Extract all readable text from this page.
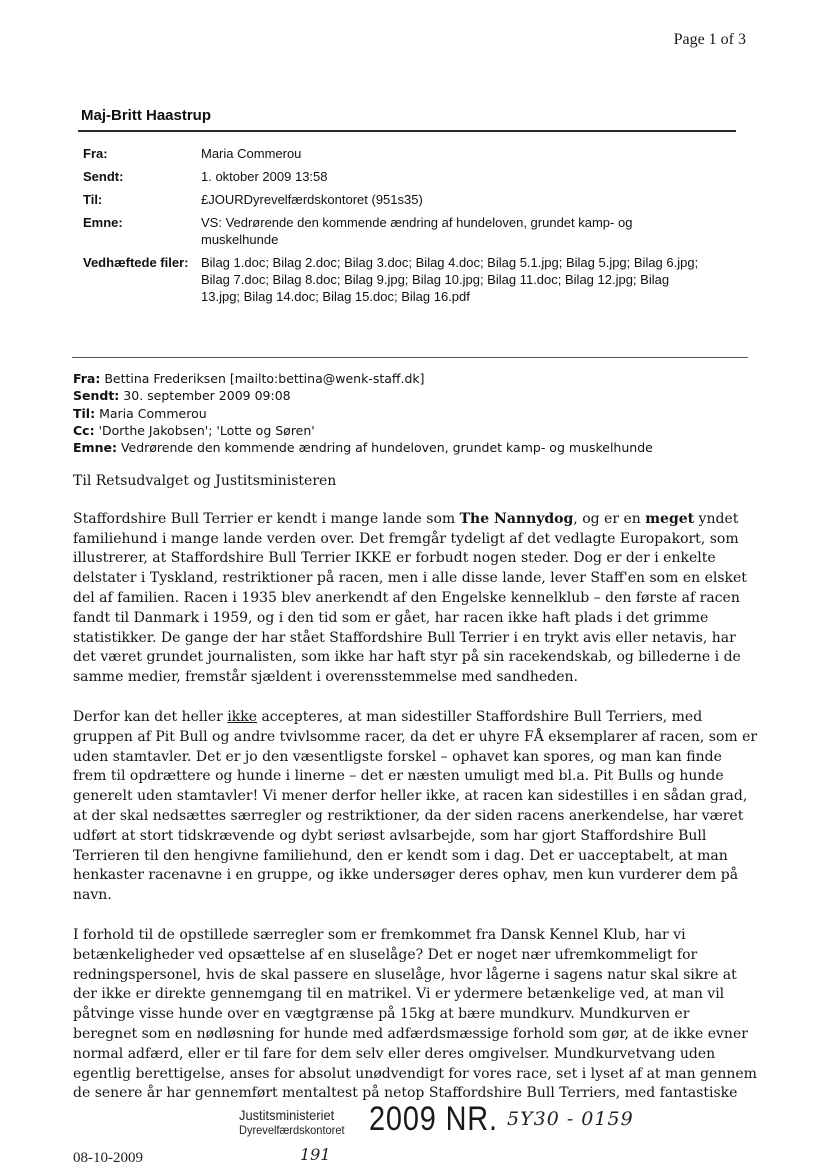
Page 1 of 3
Maj-Britt Haastrup
Fra:	Maria Commerou
Sendt:	1. oktober 2009 13:58
Til:	£JOURDyrevelfærdskontoret (951s35)
Emne:	VS: Vedrørende den kommende ændring af hundeloven, grundet kamp- og
muskelhunde
Vedhæftede filer: Bilag 1.doc; Bilag 2.doc; Bilag 3.doc; Bilag 4.doc; Bilag 5.1.jpg; Bilag 5.jpg; Bilag 6.jpg;
Bilag 7.doc; Bilag 8.doc; Bilag 9.jpg; Bilag 10.jpg; Bilag 11.doc; Bilag 12.jpg; Bilag
13.jpg; Bilag 14.doc; Bilag 15.doc; Bilag 16.pdf
Fra: Bettina Frederiksen [mailto:bettina@wenk-staff.dk]
Sendt: 30. september 2009 09:08
Til: Maria Commerou
Cc: 'Dorthe Jakobsen'; 'Lotte og Søren'
Emne: Vedrørende den kommende ændring af hundeloven, grundet kamp- og muskelhunde
Til Retsudvalget og Justitsministeren
Staffordshire Bull Terrier er kendt i mange lande som The Nannydog, og er en meget yndet
familiehund i mange lande verden over. Det fremgår tydeligt af det vedlagte Europakort, som
illustrerer, at Staffordshire Bull Terrier IKKE er forbudt nogen steder. Dog er der i enkelte
delstater i Tyskland, restriktioner på racen, men i alle disse lande, lever Staff'en som en elsket
del af familien. Racen i 1935 blev anerkendt af den Engelske kennelklub – den første af racen
fandt til Danmark i 1959, og i den tid som er gået, har racen ikke haft plads i det grimme
statistikker. De gange der har stået Staffordshire Bull Terrier i en trykt avis eller netavis, har
det været grundet journalisten, som ikke har haft styr på sin racekendskab, og billederne i de
samme medier, fremstår sjældent i overensstemmelse med sandheden.
Derfor kan det heller ikke accepteres, at man sidestiller Staffordshire Bull Terriers, med
gruppen af Pit Bull og andre tvivlsomme racer, da det er uhyre FÅ eksemplarer af racen, som er
uden stamtavler. Det er jo den væsentligste forskel – ophavet kan spores, og man kan finde
frem til opdrættere og hunde i linerne – det er næsten umuligt med bl.a. Pit Bulls og hunde
generelt uden stamtavler! Vi mener derfor heller ikke, at racen kan sidestilles i en sådan grad,
at der skal nedsættes særregler og restriktioner, da der siden racens anerkendelse, har været
udført at stort tidskrævende og dybt seriøst avlsarbejde, som har gjort Staffordshire Bull
Terrieren til den hengivne familiehund, den er kendt som i dag. Det er uacceptabelt, at man
henkaster racenavne i en gruppe, og ikke undersøger deres ophav, men kun vurderer dem på
navn.
I forhold til de opstillede særregler som er fremkommet fra Dansk Kennel Klub, har vi
betænkeligheder ved opsættelse af en sluselåge? Det er noget nær ufremkommeligt for
redningspersonel, hvis de skal passere en sluselåge, hvor lågerne i sagens natur skal sikre at
der ikke er direkte gennemgang til en matrikel. Vi er ydermere betænkelige ved, at man vil
påtvinge visse hunde over en vægtgrænse på 15kg at bære mundkurv. Mundkurven er
beregnet som en nødløsning for hunde med adfærdsmæssige forhold som gør, at de ikke evner
normal adfærd, eller er til fare for dem selv eller deres omgivelser. Mundkurvetvang uden
egentlig berettigelse, anses for absolut unødvendigt for vores race, set i lyset af at man gennem
de senere år har gennemført mentaltest på netop Staffordshire Bull Terriers, med fantastiske
Justitsministeriet
Dyrevelfærdskontoret 2009 NR. 5Y30 - 0159
08-10-2009	191
